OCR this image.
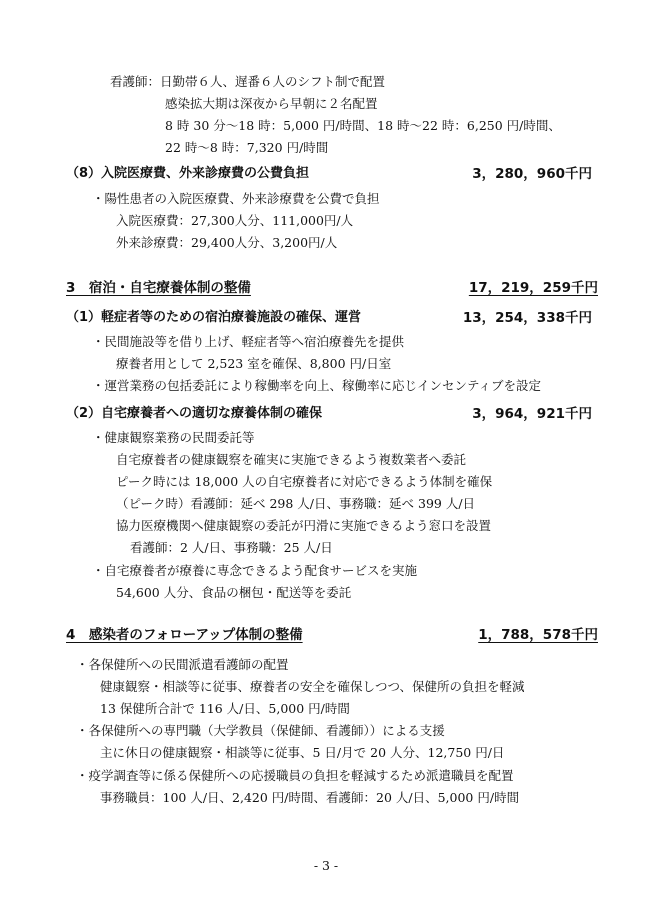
看護師：日勤帯６人、遅番６人のシフト制で配置
感染拡大期は深夜から早朝に２名配置
8 時 30 分〜18 時：5,000 円/時間、18 時〜22 時：6,250 円/時間、
22 時〜8 時：7,320 円/時間
（8）入院医療費、外来診療費の公費負担	3，280，960千円
・陽性患者の入院医療費、外来診療費を公費で負担
入院医療費：27,300人分、111,000円/人
外来診療費：29,400人分、3,200円/人
3　宿泊・自宅療養体制の整備	17，219，259千円
（1）軽症者等のための宿泊療養施設の確保、運営	13，254，338千円
・民間施設等を借り上げ、軽症者等へ宿泊療養先を提供
療養者用として 2,523 室を確保、8,800 円/日室
・運営業務の包括委託により稼働率を向上、稼働率に応じインセンティブを設定
（2）自宅療養者への適切な療養体制の確保	3，964，921千円
・健康観察業務の民間委託等
自宅療養者の健康観察を確実に実施できるよう複数業者へ委託
ピーク時には 18,000 人の自宅療養者に対応できるよう体制を確保
（ピーク時）看護師：延べ 298 人/日、事務職：延べ 399 人/日
協力医療機関へ健康観察の委託が円滑に実施できるよう窓口を設置
看護師：2 人/日、事務職：25 人/日
・自宅療養者が療養に専念できるよう配食サービスを実施
54,600 人分、食品の梱包・配送等を委託
4　感染者のフォローアップ体制の整備	1，788，578千円
・各保健所への民間派遣看護師の配置
健康観察・相談等に従事、療養者の安全を確保しつつ、保健所の負担を軽減
13 保健所合計で 116 人/日、5,000 円/時間
・各保健所への専門職（大学教員（保健師、看護師））による支援
主に休日の健康観察・相談等に従事、5 日/月で 20 人分、12,750 円/日
・疫学調査等に係る保健所への応援職員の負担を軽減するため派遣職員を配置
事務職員：100 人/日、2,420 円/時間、看護師：20 人/日、5,000 円/時間
- 3 -
